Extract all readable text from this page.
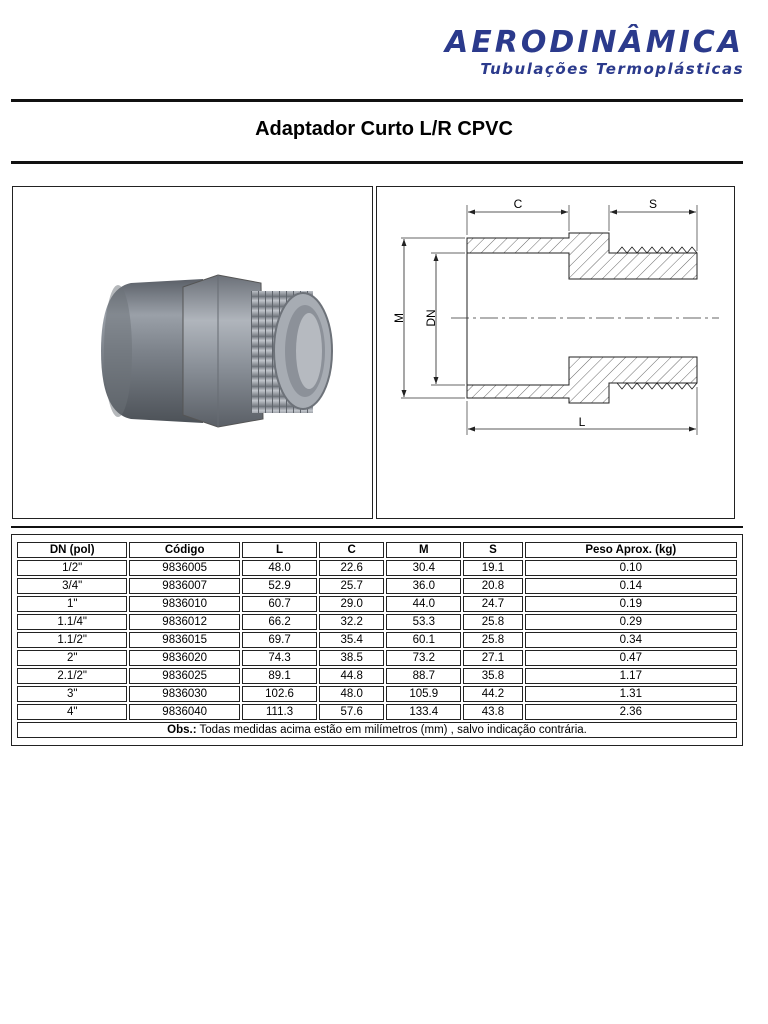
AERODINÂMICA
Tubulações Termoplásticas
Adaptador Curto L/R CPVC
C	S
M DN
L
DN (pol)	Código	L	C	M	S	Peso Aprox. (kg)
1/2"	9836005	48.0	22.6	30.4	19.1	0.10
3/4"	9836007	52.9	25.7	36.0	20.8	0.14
1"	9836010	60.7	29.0	44.0	24.7	0.19
1.1/4"	9836012	66.2	32.2	53.3	25.8	0.29
1.1/2"	9836015	69.7	35.4	60.1	25.8	0.34
2"	9836020	74.3	38.5	73.2	27.1	0.47
2.1/2"	9836025	89.1	44.8	88.7	35.8	1.17
3"	9836030	102.6	48.0	105.9	44.2	1.31
4"	9836040	111.3	57.6	133.4	43.8	2.36
Obs.: Todas medidas acima estão em milímetros (mm) , salvo indicação contrária.						
